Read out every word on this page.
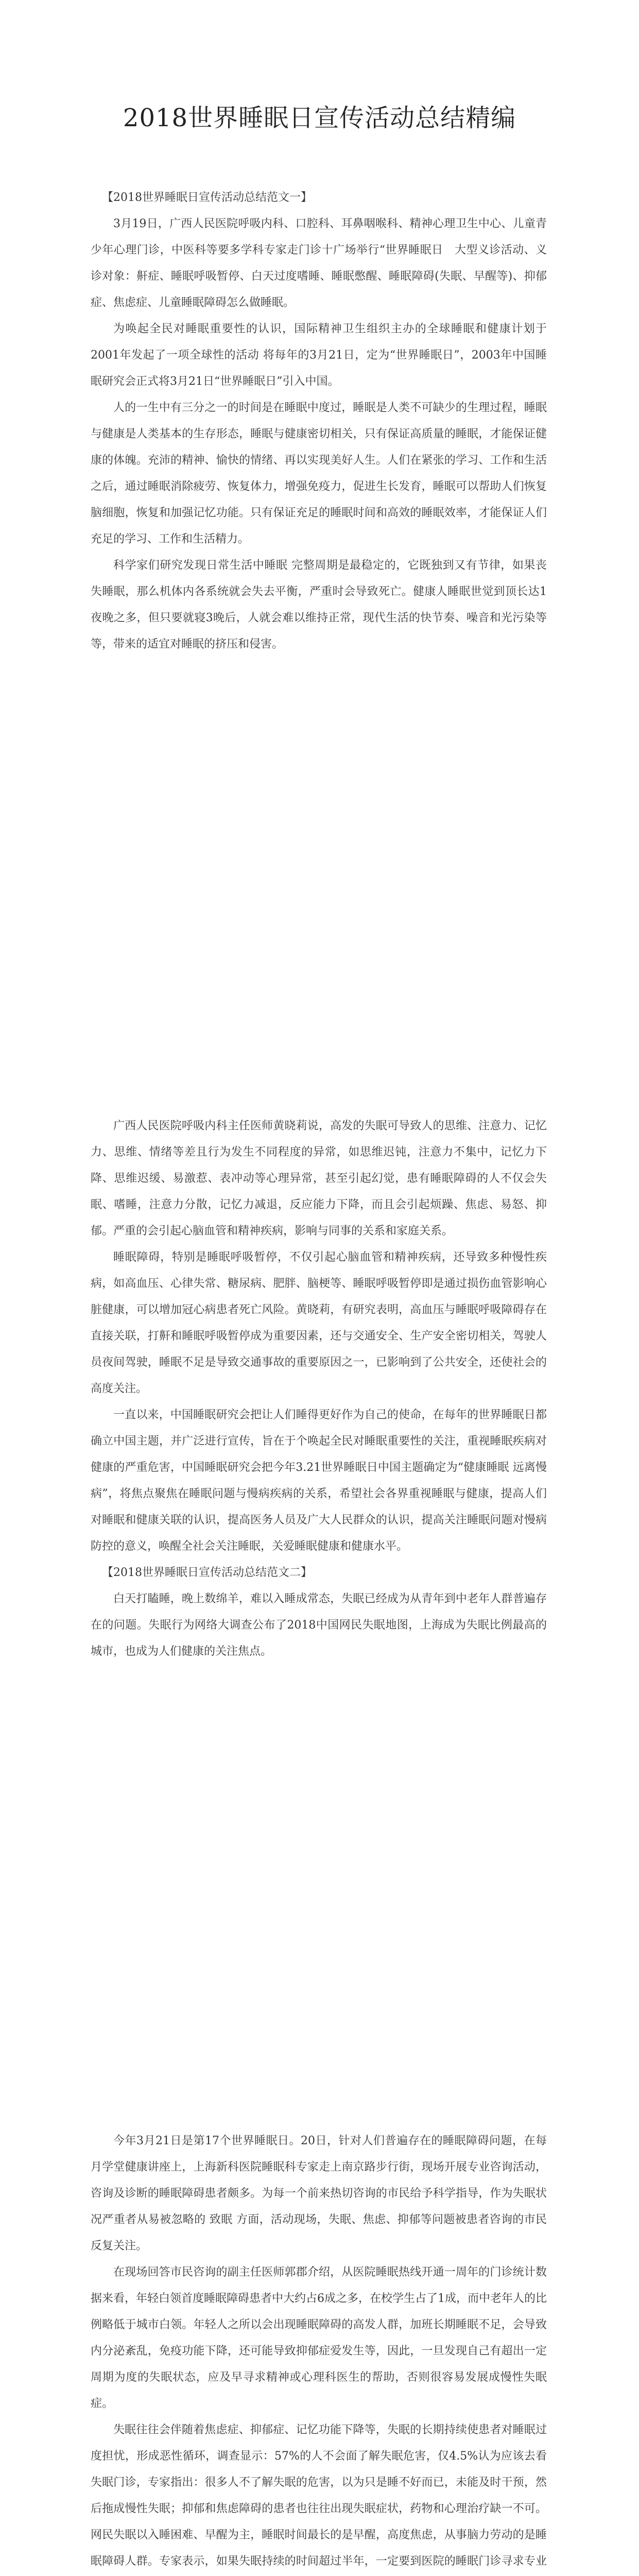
2018世界睡眠日宣传活动总结精编

【2018世界睡眠日宣传活动总结范文一】

3月19日，广西人民医院呼吸内科、口腔科、耳鼻咽喉科、精神心理卫生中心、儿童青少年心理门诊，中医科等要多学科专家走门诊十广场举行“世界睡眠日　大型义诊活动、义诊对象：鼾症、睡眠呼吸暂停、白天过度嗜睡、睡眠憋醒、睡眠障碍(失眠、早醒等)、抑郁症、焦虑症、儿童睡眠障碍怎么做睡眠。

为唤起全民对睡眠重要性的认识，国际精神卫生组织主办的全球睡眠和健康计划于2001年发起了一项全球性的活动 将每年的3月21日，定为“世界睡眠日”，2003年中国睡眠研究会正式将3月21日“世界睡眠日”引入中国。

人的一生中有三分之一的时间是在睡眠中度过，睡眠是人类不可缺少的生理过程，睡眠与健康是人类基本的生存形态，睡眠与健康密切相关，只有保证高质量的睡眠，才能保证健康的体魄。充沛的精神、愉快的情绪、再以实现美好人生。人们在紧张的学习、工作和生活之后，通过睡眠消除疲劳、恢复体力，增强免疫力，促进生长发育，睡眠可以帮助人们恢复脑细胞，恢复和加强记忆功能。只有保证充足的睡眠时间和高效的睡眠效率，才能保证人们充足的学习、工作和生活精力。

科学家们研究发现日常生活中睡眠 完整周期是最稳定的，它既独到又有节律，如果丧失睡眠，那么机体内各系统就会失去平衡，严重时会导致死亡。健康人睡眠世觉到顶长达1夜晚之多，但只要就寝3晚后，人就会难以维持正常，现代生活的快节奏、噪音和光污染等等，带来的适宜对睡眠的挤压和侵害。

广西人民医院呼吸内科主任医师黄晓莉说，高发的失眠可导致人的思维、注意力、记忆力、思维、情绪等差且行为发生不同程度的异常，如思维迟钝，注意力不集中，记忆力下降、思维迟缓、易激惹、表冲动等心理异常，甚至引起幻觉，患有睡眠障碍的人不仅会失眠、嗜睡，注意力分散，记忆力减退，反应能力下降，而且会引起烦躁、焦虑、易怒、抑郁。严重的会引起心脑血管和精神疾病，影响与同事的关系和家庭关系。

睡眠障碍，特别是睡眠呼吸暂停，不仅引起心脑血管和精神疾病，还导致多种慢性疾病，如高血压、心律失常、糖尿病、肥胖、脑梗等、睡眠呼吸暂停即是通过损伤血管影响心脏健康，可以增加冠心病患者死亡风险。黄晓莉，有研究表明，高血压与睡眠呼吸障碍存在直接关联，打鼾和睡眠呼吸暂停成为重要因素，还与交通安全、生产安全密切相关，驾驶人员夜间驾驶，睡眠不足是导致交通事故的重要原因之一，已影响到了公共安全，还使社会的高度关注。

一直以来，中国睡眠研究会把让人们睡得更好作为自己的使命，在每年的世界睡眠日都确立中国主题，并广泛进行宣传，旨在于个唤起全民对睡眠重要性的关注，重视睡眠疾病对健康的严重危害，中国睡眠研究会把今年3.21世界睡眠日中国主题确定为“健康睡眠 远离慢病”，将焦点聚焦在睡眠问题与慢病疾病的关系，希望社会各界重视睡眠与健康，提高人们对睡眠和健康关联的认识，提高医务人员及广大人民群众的认识，提高关注睡眠问题对慢病防控的意义，唤醒全社会关注睡眠，关爱睡眠健康和健康水平。

【2018世界睡眠日宣传活动总结范文二】

白天打瞌睡，晚上数绵羊，难以入睡成常态，失眠已经成为从青年到中老年人群普遍存在的问题。失眠行为网络大调查公布了2018中国网民失眠地图，上海成为失眠比例最高的城市，也成为人们健康的关注焦点。

今年3月21日是第17个世界睡眠日。20日，针对人们普遍存在的睡眠障碍问题，在每月学堂健康讲座上，上海新科医院睡眠科专家走上南京路步行街，现场开展专业咨询活动，咨询及诊断的睡眠障碍患者颇多。为每一个前来热切咨询的市民给予科学指导，作为失眠状况严重者从易被忽略的 致眠 方面，活动现场，失眠、焦虑、抑郁等问题被患者咨询的市民反复关注。

在现场回答市民咨询的副主任医师郭郡介绍，从医院睡眠热线开通一周年的门诊统计数据来看，年轻白领首度睡眠障碍患者中大约占6成之多，在校学生占了1成，而中老年人的比例略低于城市白领。年轻人之所以会出现睡眠障碍的高发人群，加班长期睡眠不足，会导致内分泌紊乱，免疫功能下降，还可能导致抑郁症爱发生等，因此，一旦发现自己有超出一定周期为度的失眠状态，应及早寻求精神或心理科医生的帮助，否则很容易发展成慢性失眠症。

失眠往往会伴随着焦虑症、抑郁症、记忆功能下降等，失眠的长期持续使患者对睡眠过度担忧，形成恶性循环，调查显示：57%的人不会面了解失眠危害，仅4.5%认为应该去看失眠门诊，专家指出：很多人不了解失眠的危害，以为只是睡不好而已，未能及时干预，然后拖成慢性失眠；抑郁和焦虑障碍的患者也往往出现失眠症状，药物和心理治疗缺一不可。网民失眠以入睡困难、早醒为主，睡眠时间最长的是早醒，高度焦虑，从事脑力劳动的是睡眠障碍人群。专家表示，如果失眠持续的时间超过半年，一定要到医院的睡眠门诊寻求专业
